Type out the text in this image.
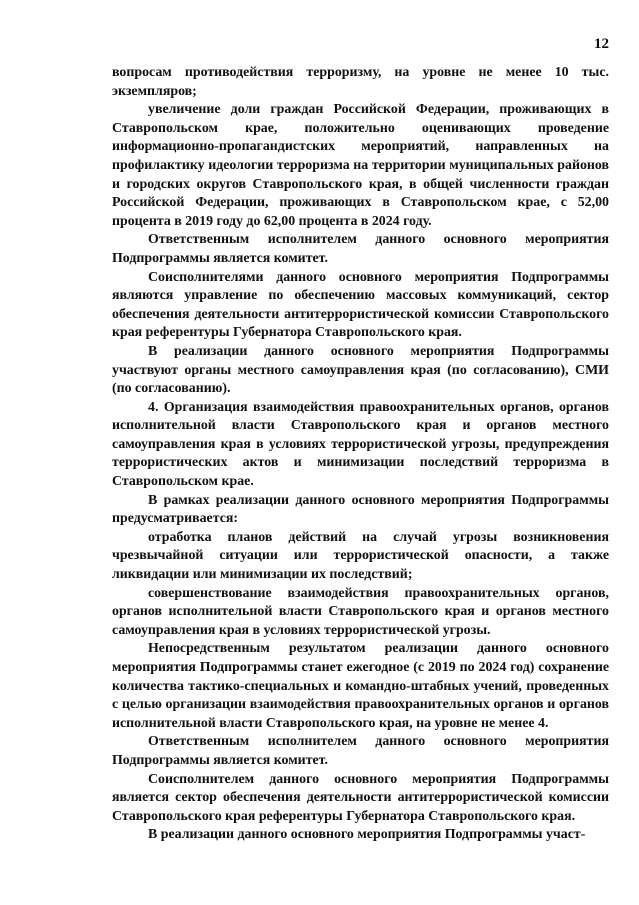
12

вопросам противодействия терроризму, на уровне не менее 10 тыс. экземпляров;

увеличение доли граждан Российской Федерации, проживающих в Ставропольском крае, положительно оценивающих проведение информационно-пропагандистских мероприятий, направленных на профилактику идеологии терроризма на территории муниципальных районов и городских округов Ставропольского края, в общей численности граждан Российской Федерации, проживающих в Ставропольском крае, с 52,00 процента в 2019 году до 62,00 процента в 2024 году.

Ответственным исполнителем данного основного мероприятия Подпрограммы является комитет.

Соисполнителями данного основного мероприятия Подпрограммы являются управление по обеспечению массовых коммуникаций, сектор обеспечения деятельности антитеррористической комиссии Ставропольского края референтуры Губернатора Ставропольского края.

В реализации данного основного мероприятия Подпрограммы участвуют органы местного самоуправления края (по согласованию), СМИ (по согласованию).

4. Организация взаимодействия правоохранительных органов, органов исполнительной власти Ставропольского края и органов местного самоуправления края в условиях террористической угрозы, предупреждения террористических актов и минимизации последствий терроризма в Ставропольском крае.

В рамках реализации данного основного мероприятия Подпрограммы предусматривается:

отработка планов действий на случай угрозы возникновения чрезвычайной ситуации или террористической опасности, а также ликвидации или минимизации их последствий;

совершенствование взаимодействия правоохранительных органов, органов исполнительной власти Ставропольского края и органов местного самоуправления края в условиях террористической угрозы.

Непосредственным результатом реализации данного основного мероприятия Подпрограммы станет ежегодное (с 2019 по 2024 год) сохранение количества тактико-специальных и командно-штабных учений, проведенных с целью организации взаимодействия правоохранительных органов и органов исполнительной власти Ставропольского края, на уровне не менее 4.

Ответственным исполнителем данного основного мероприятия Подпрограммы является комитет.

Соисполнителем данного основного мероприятия Подпрограммы является сектор обеспечения деятельности антитеррористической комиссии Ставропольского края референтуры Губернатора Ставропольского края.

В реализации данного основного мероприятия Подпрограммы участ-
